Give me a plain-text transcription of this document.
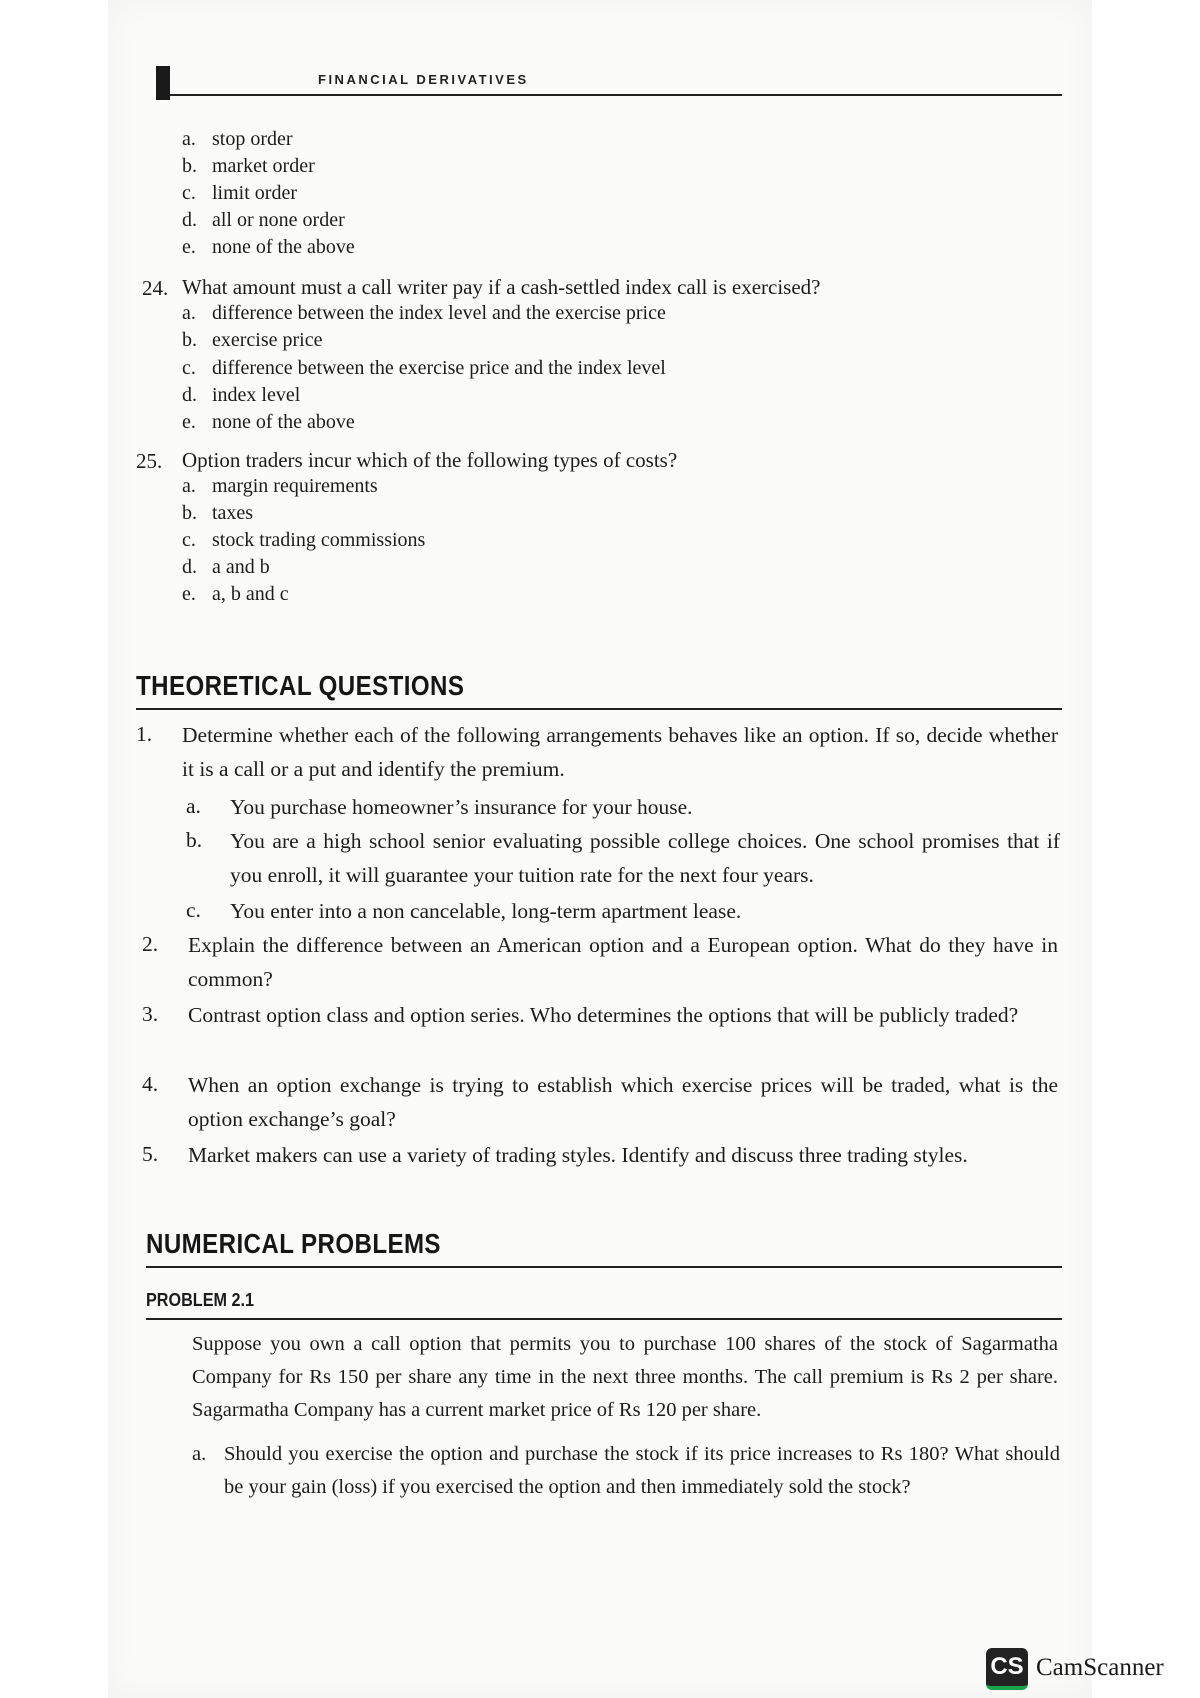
FINANCIAL DERIVATIVES
a. stop order
b. market order
c. limit order
d. all or none order
e. none of the above
24. What amount must a call writer pay if a cash-settled index call is exercised?
a. difference between the index level and the exercise price
b. exercise price
c. difference between the exercise price and the index level
d. index level
e. none of the above
25. Option traders incur which of the following types of costs?
a. margin requirements
b. taxes
c. stock trading commissions
d. a and b
e. a, b and c
THEORETICAL QUESTIONS
1. Determine whether each of the following arrangements behaves like an option. If so, decide whether it is a call or a put and identify the premium.
a. You purchase homeowner’s insurance for your house.
b. You are a high school senior evaluating possible college choices. One school promises that if you enroll, it will guarantee your tuition rate for the next four years.
c. You enter into a non cancelable, long-term apartment lease.
2. Explain the difference between an American option and a European option. What do they have in common?
3. Contrast option class and option series. Who determines the options that will be publicly traded?
4. When an option exchange is trying to establish which exercise prices will be traded, what is the option exchange’s goal?
5. Market makers can use a variety of trading styles. Identify and discuss three trading styles.
NUMERICAL PROBLEMS
PROBLEM 2.1
Suppose you own a call option that permits you to purchase 100 shares of the stock of Sagarmatha Company for Rs 150 per share any time in the next three months. The call premium is Rs 2 per share. Sagarmatha Company has a current market price of Rs 120 per share.
a. Should you exercise the option and purchase the stock if its price increases to Rs 180? What should be your gain (loss) if you exercised the option and then immediately sold the stock?
CS CamScanner
